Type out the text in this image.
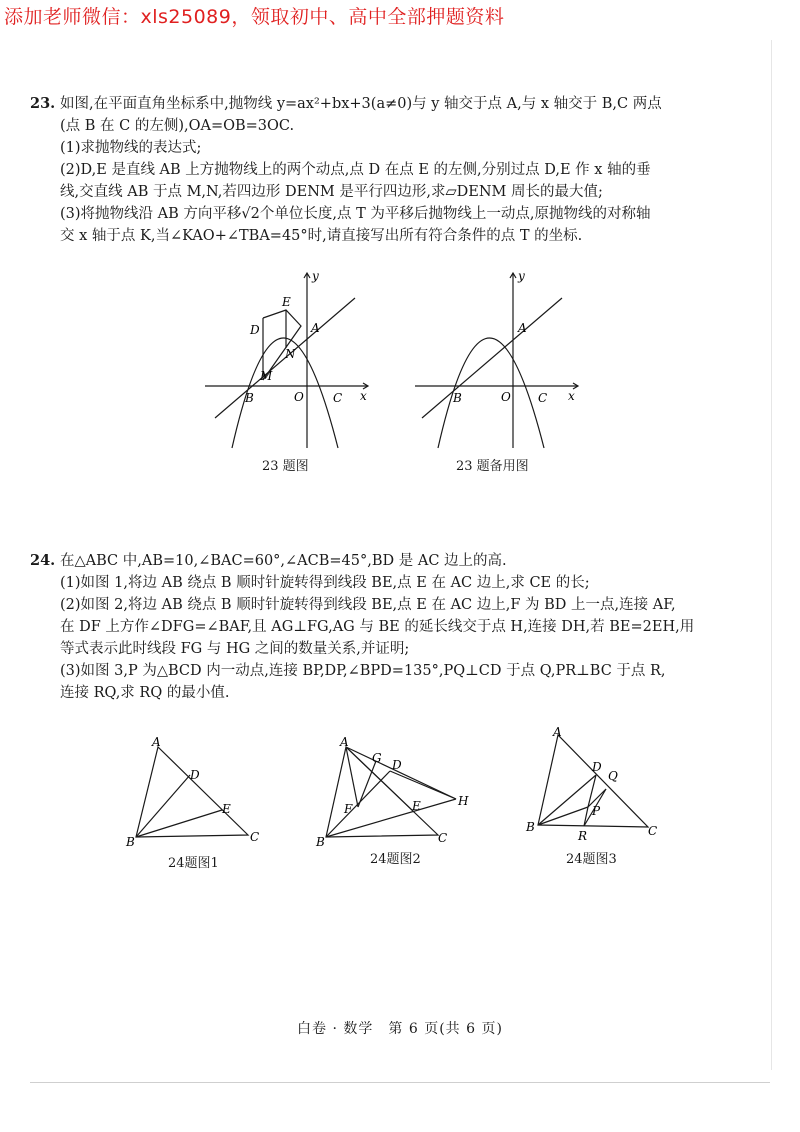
添加老师微信：xls25089，领取初中、高中全部押题资料

23. 如图,在平面直角坐标系中,抛物线 y=ax²+bx+3(a≠0)与 y 轴交于点 A,与 x 轴交于 B,C 两点

(点 B 在 C 的左侧),OA=OB=3OC.

(1)求抛物线的表达式;

(2)D,E 是直线 AB 上方抛物线上的两个动点,点 D 在点 E 的左侧,分别过点 D,E 作 x 轴的垂

线,交直线 AB 于点 M,N,若四边形 DENM 是平行四边形,求▱DENM 周长的最大值;

(3)将抛物线沿 AB 方向平移√2个单位长度,点 T 为平移后抛物线上一动点,原抛物线的对称轴

交 x 轴于点 K,当∠KAO+∠TBA=45°时,请直接写出所有符合条件的点 T 的坐标.

y
x
A
B	C
O
D
E
M
N
23 题图
y
x
A
B	C
O
23 题备用图

24. 在△ABC 中,AB=10,∠BAC=60°,∠ACB=45°,BD 是 AC 边上的高.

(1)如图 1,将边 AB 绕点 B 顺时针旋转得到线段 BE,点 E 在 AC 边上,求 CE 的长;

(2)如图 2,将边 AB 绕点 B 顺时针旋转得到线段 BE,点 E 在 AC 边上,F 为 BD 上一点,连接 AF,

在 DF 上方作∠DFG=∠BAF,且 AG⊥FG,AG 与 BE 的延长线交于点 H,连接 DH,若 BE=2EH,用

等式表示此时线段 FG 与 HG 之间的数量关系,并证明;

(3)如图 3,P 为△BCD 内一动点,连接 BP,DP,∠BPD=135°,PQ⊥CD 于点 Q,PR⊥BC 于点 R,

连接 RQ,求 RQ 的最小值.

A
B	C
D
E
24题图1
A
B	C
D
E
F
G
H
24题图2
A
B	C
D
P
Q
R
24题图3
白卷 · 数学　第 6 页(共 6 页)
